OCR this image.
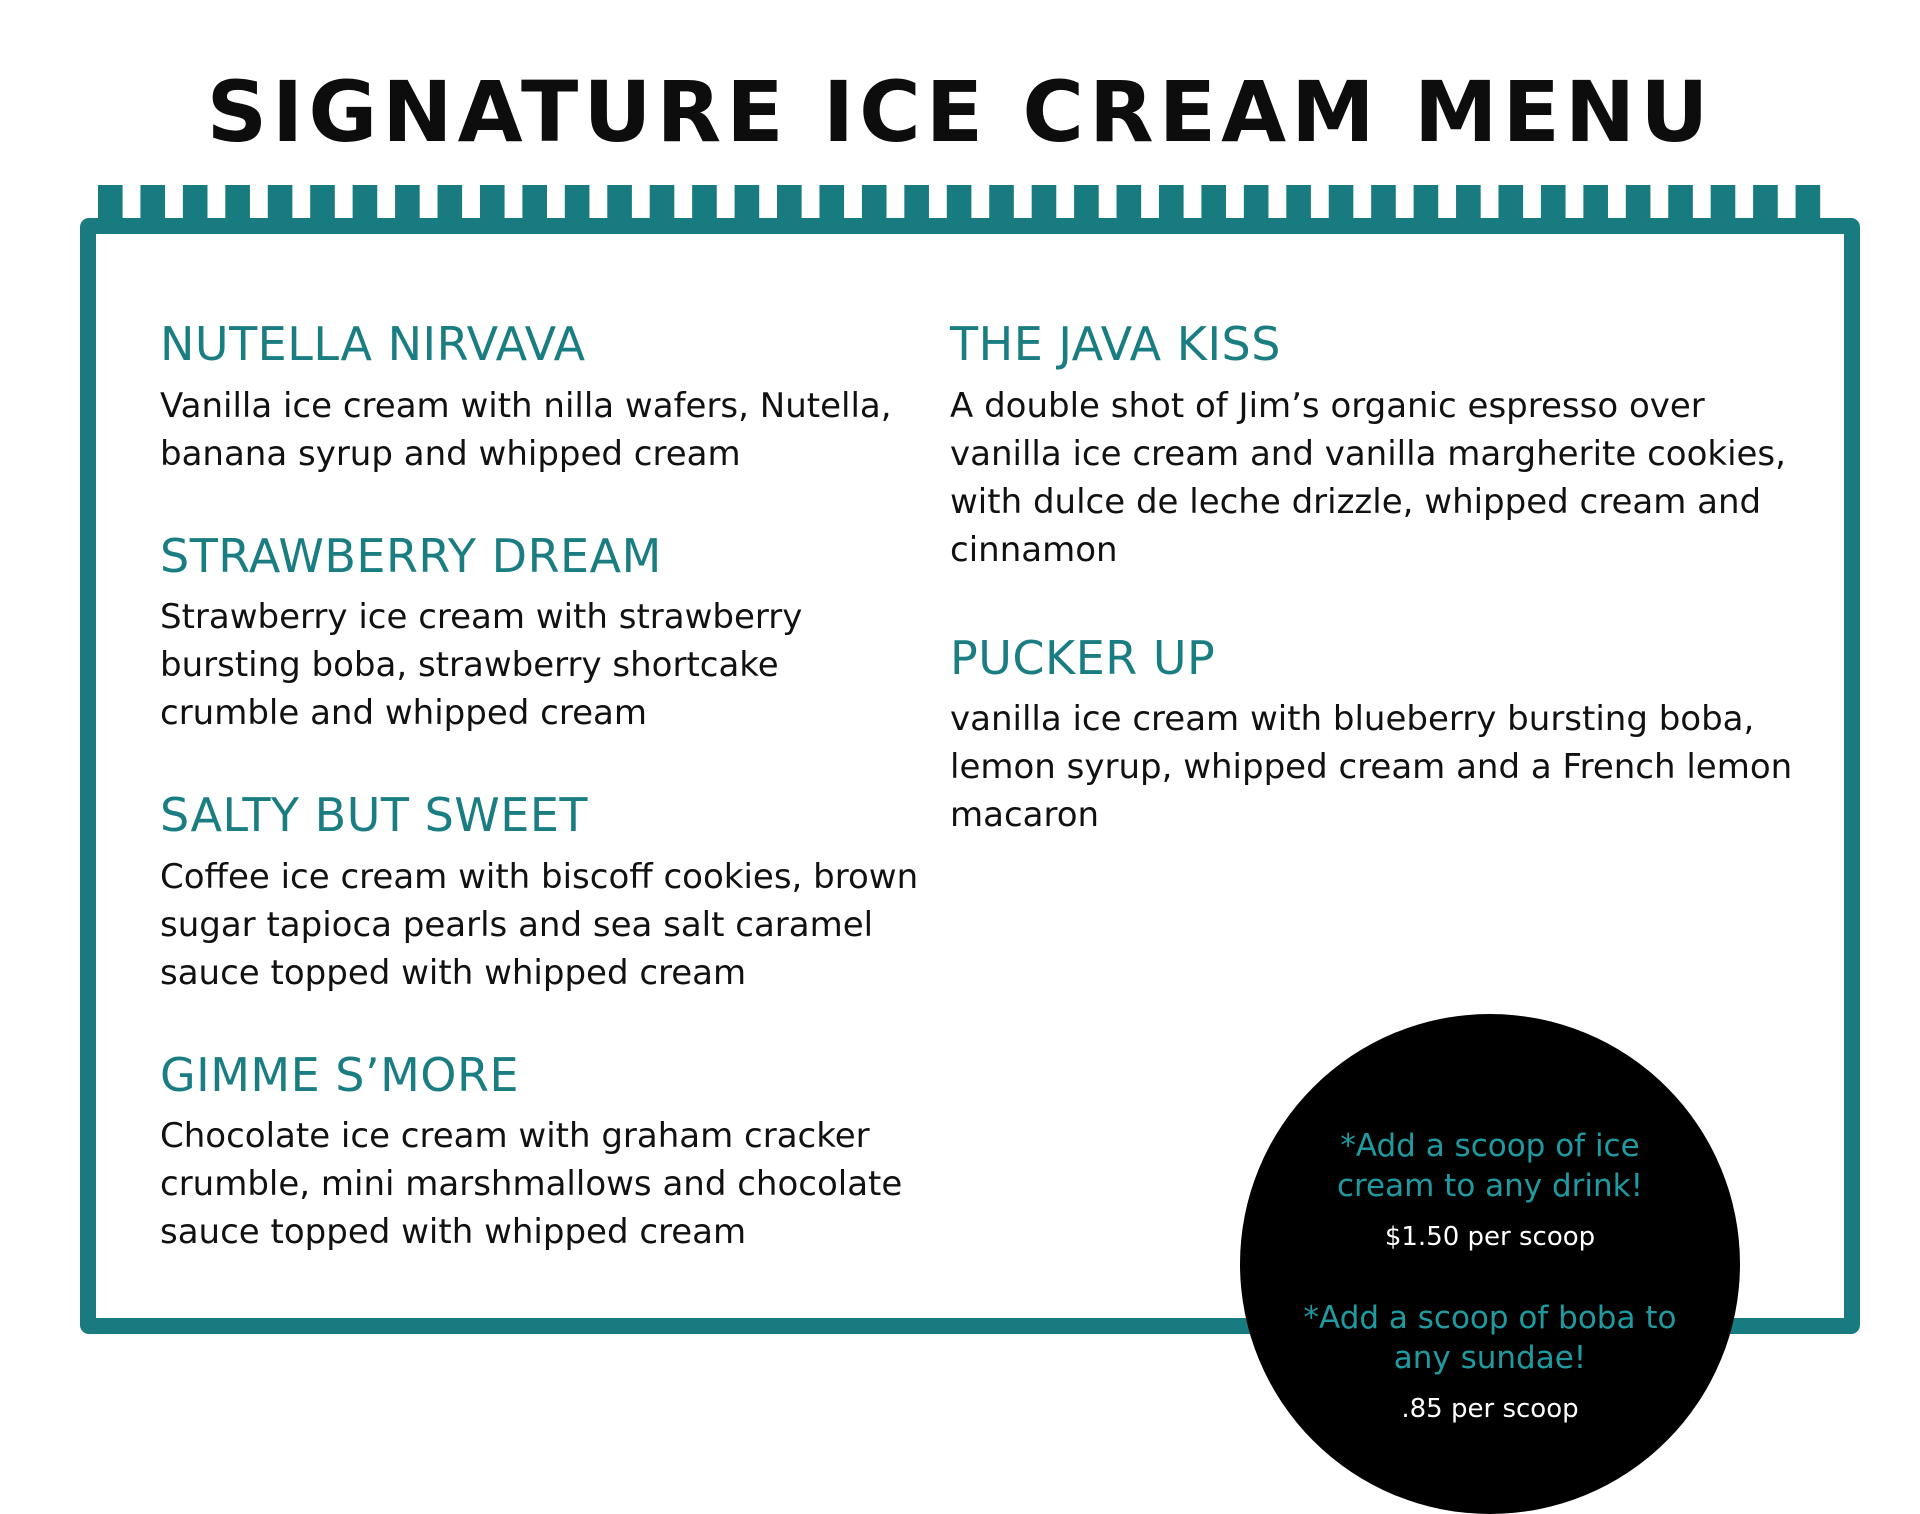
SIGNATURE ICE CREAM MENU
NUTELLA NIRVAVA

Vanilla ice cream with nilla wafers, Nutella, banana syrup and whipped cream

STRAWBERRY DREAM

Strawberry ice cream with strawberry bursting boba, strawberry shortcake crumble and whipped cream

SALTY BUT SWEET

Coffee ice cream with biscoff cookies, brown sugar tapioca pearls and sea salt caramel sauce topped with whipped cream

GIMME S’MORE

Chocolate ice cream with graham cracker crumble, mini marshmallows and chocolate sauce topped with whipped cream

THE JAVA KISS

A double shot of Jim’s organic espresso over vanilla ice cream and vanilla margherite cookies, with dulce de leche drizzle, whipped cream and cinnamon

PUCKER UP

vanilla ice cream with blueberry bursting boba, lemon syrup, whipped cream and a French lemon macaron

*Add a scoop of ice cream to any drink!
$1.50 per scoop
*Add a scoop of boba to any sundae!
.85 per scoop
